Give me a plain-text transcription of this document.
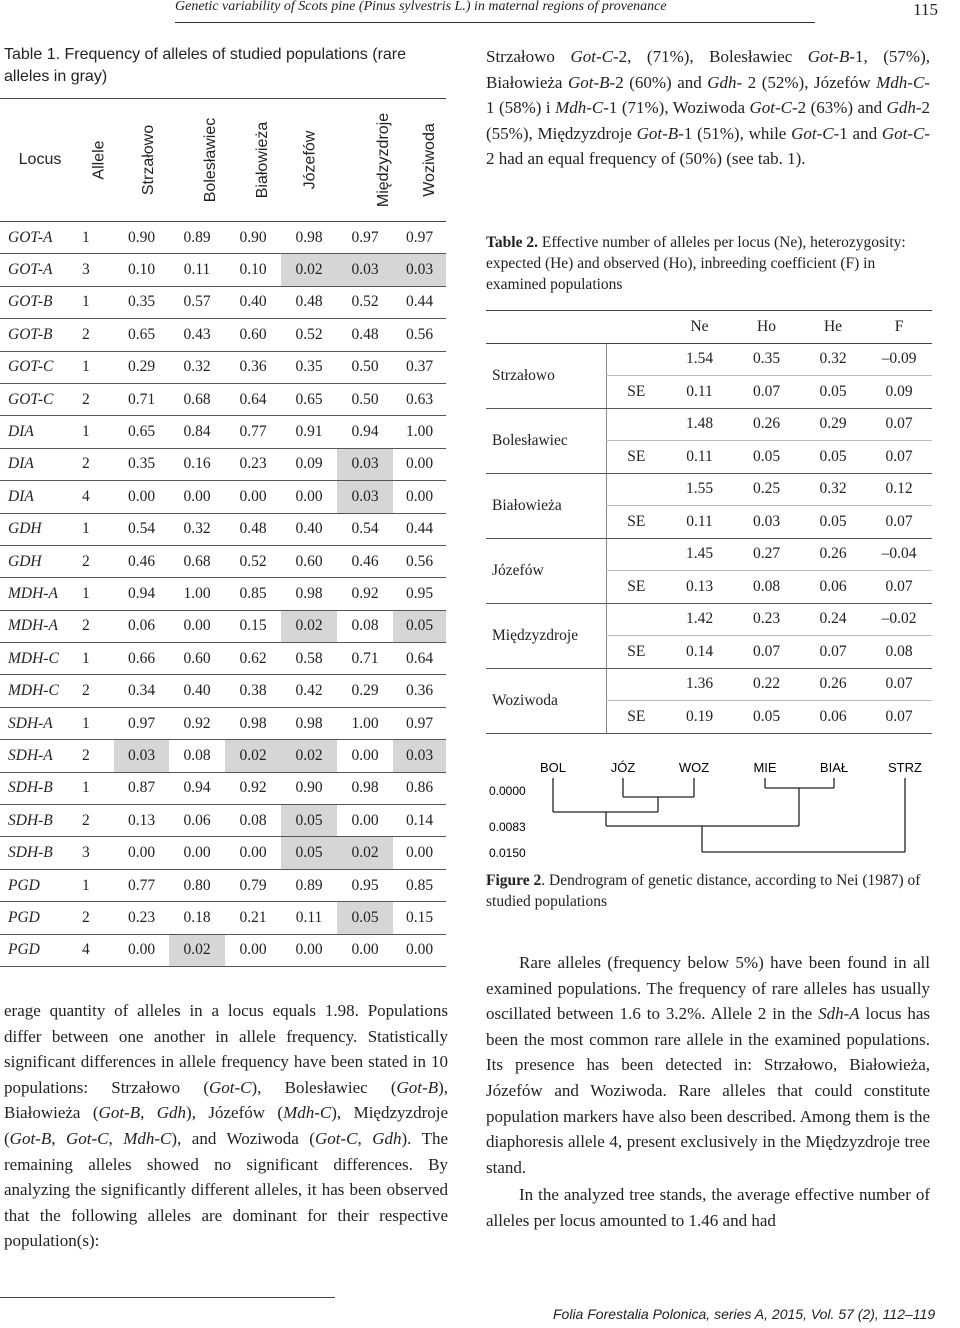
Genetic variability of Scots pine (Pinus sylvestris L.) in maternal regions of provenance	115
Table 1. Frequency of alleles of studied populations (rare alleles in gray)
Locus	Allele	Strzałowo	Bolesławiec	Białowieża	Józefów	Międzyzdroje	Woziwoda
GOT-A	1	0.90	0.89	0.90	0.98	0.97	0.97
GOT-A	3	0.10	0.11	0.10	0.02	0.03	0.03
GOT-B	1	0.35	0.57	0.40	0.48	0.52	0.44
GOT-B	2	0.65	0.43	0.60	0.52	0.48	0.56
GOT-C	1	0.29	0.32	0.36	0.35	0.50	0.37
GOT-C	2	0.71	0.68	0.64	0.65	0.50	0.63
DIA	1	0.65	0.84	0.77	0.91	0.94	1.00
DIA	2	0.35	0.16	0.23	0.09	0.03	0.00
DIA	4	0.00	0.00	0.00	0.00	0.03	0.00
GDH	1	0.54	0.32	0.48	0.40	0.54	0.44
GDH	2	0.46	0.68	0.52	0.60	0.46	0.56
MDH-A	1	0.94	1.00	0.85	0.98	0.92	0.95
MDH-A	2	0.06	0.00	0.15	0.02	0.08	0.05
MDH-C	1	0.66	0.60	0.62	0.58	0.71	0.64
MDH-C	2	0.34	0.40	0.38	0.42	0.29	0.36
SDH-A	1	0.97	0.92	0.98	0.98	1.00	0.97
SDH-A	2	0.03	0.08	0.02	0.02	0.00	0.03
SDH-B	1	0.87	0.94	0.92	0.90	0.98	0.86
SDH-B	2	0.13	0.06	0.08	0.05	0.00	0.14
SDH-B	3	0.00	0.00	0.00	0.05	0.02	0.00
PGD	1	0.77	0.80	0.79	0.89	0.95	0.85
PGD	2	0.23	0.18	0.21	0.11	0.05	0.15
PGD	4	0.00	0.02	0.00	0.00	0.00	0.00
erage quantity of alleles in a locus equals 1.98. Populations differ between one another in allele frequency. Statistically significant differences in allele frequency have been stated in 10 populations: Strzałowo (Got-C), Bolesławiec (Got-B), Białowieża (Got-B, Gdh), Józefów (Mdh-C), Międzyzdroje (Got-B, Got-C, Mdh-C), and Woziwoda (Got-C, Gdh). The remaining alleles showed no significant differences. By analyzing the significantly different alleles, it has been observed that the following alleles are dominant for their respective population(s):
Strzałowo Got-C-2, (71%), Bolesławiec Got-B-1, (57%), Białowieża Got-B-2 (60%) and Gdh- 2 (52%), Józefów Mdh-C- 1 (58%) i Mdh-C-1 (71%), Woziwoda Got-C-2 (63%) and Gdh-2 (55%), Międzyzdroje Got-B-1 (51%), while Got-C-1 and Got-C-2 had an equal frequency of (50%) (see tab. 1).
Table 2. Effective number of alleles per locus (Ne), heterozygosity: expected (He) and observed (Ho), inbreeding coefficient (F) in examined populations
		Ne	Ho	He	F
Strzałowo		1.54	0.35	0.32	–0.09
	SE	0.11	0.07	0.05	0.09
Bolesławiec		1.48	0.26	0.29	0.07
	SE	0.11	0.05	0.05	0.07
Białowieża		1.55	0.25	0.32	0.12
	SE	0.11	0.03	0.05	0.07
Józefów		1.45	0.27	0.26	–0.04
	SE	0.13	0.08	0.06	0.07
Międzyzdroje		1.42	0.23	0.24	–0.02
	SE	0.14	0.07	0.07	0.08
Woziwoda		1.36	0.22	0.26	0.07
	SE	0.19	0.05	0.06	0.07
BOL	JÓZ	WOZ	MIE	BIAŁ	STRZ
0.0000
0.0083
0.0150
Figure 2. Dendrogram of genetic distance, according to Nei (1987) of studied populations
Rare alleles (frequency below 5%) have been found in all examined populations. The frequency of rare alleles has usually oscillated between 1.6 to 3.2%. Allele 2 in the Sdh-A locus has been the most common rare allele in the examined populations. Its presence has been detected in: Strzałowo, Białowieża, Józefów and Woziwoda. Rare alleles that could constitute population markers have also been described. Among them is the diaphoresis allele 4, present exclusively in the Międzyzdroje tree stand.
In the analyzed tree stands, the average effective number of alleles per locus amounted to 1.46 and had
Folia Forestalia Polonica, series A, 2015, Vol. 57 (2), 112–119
